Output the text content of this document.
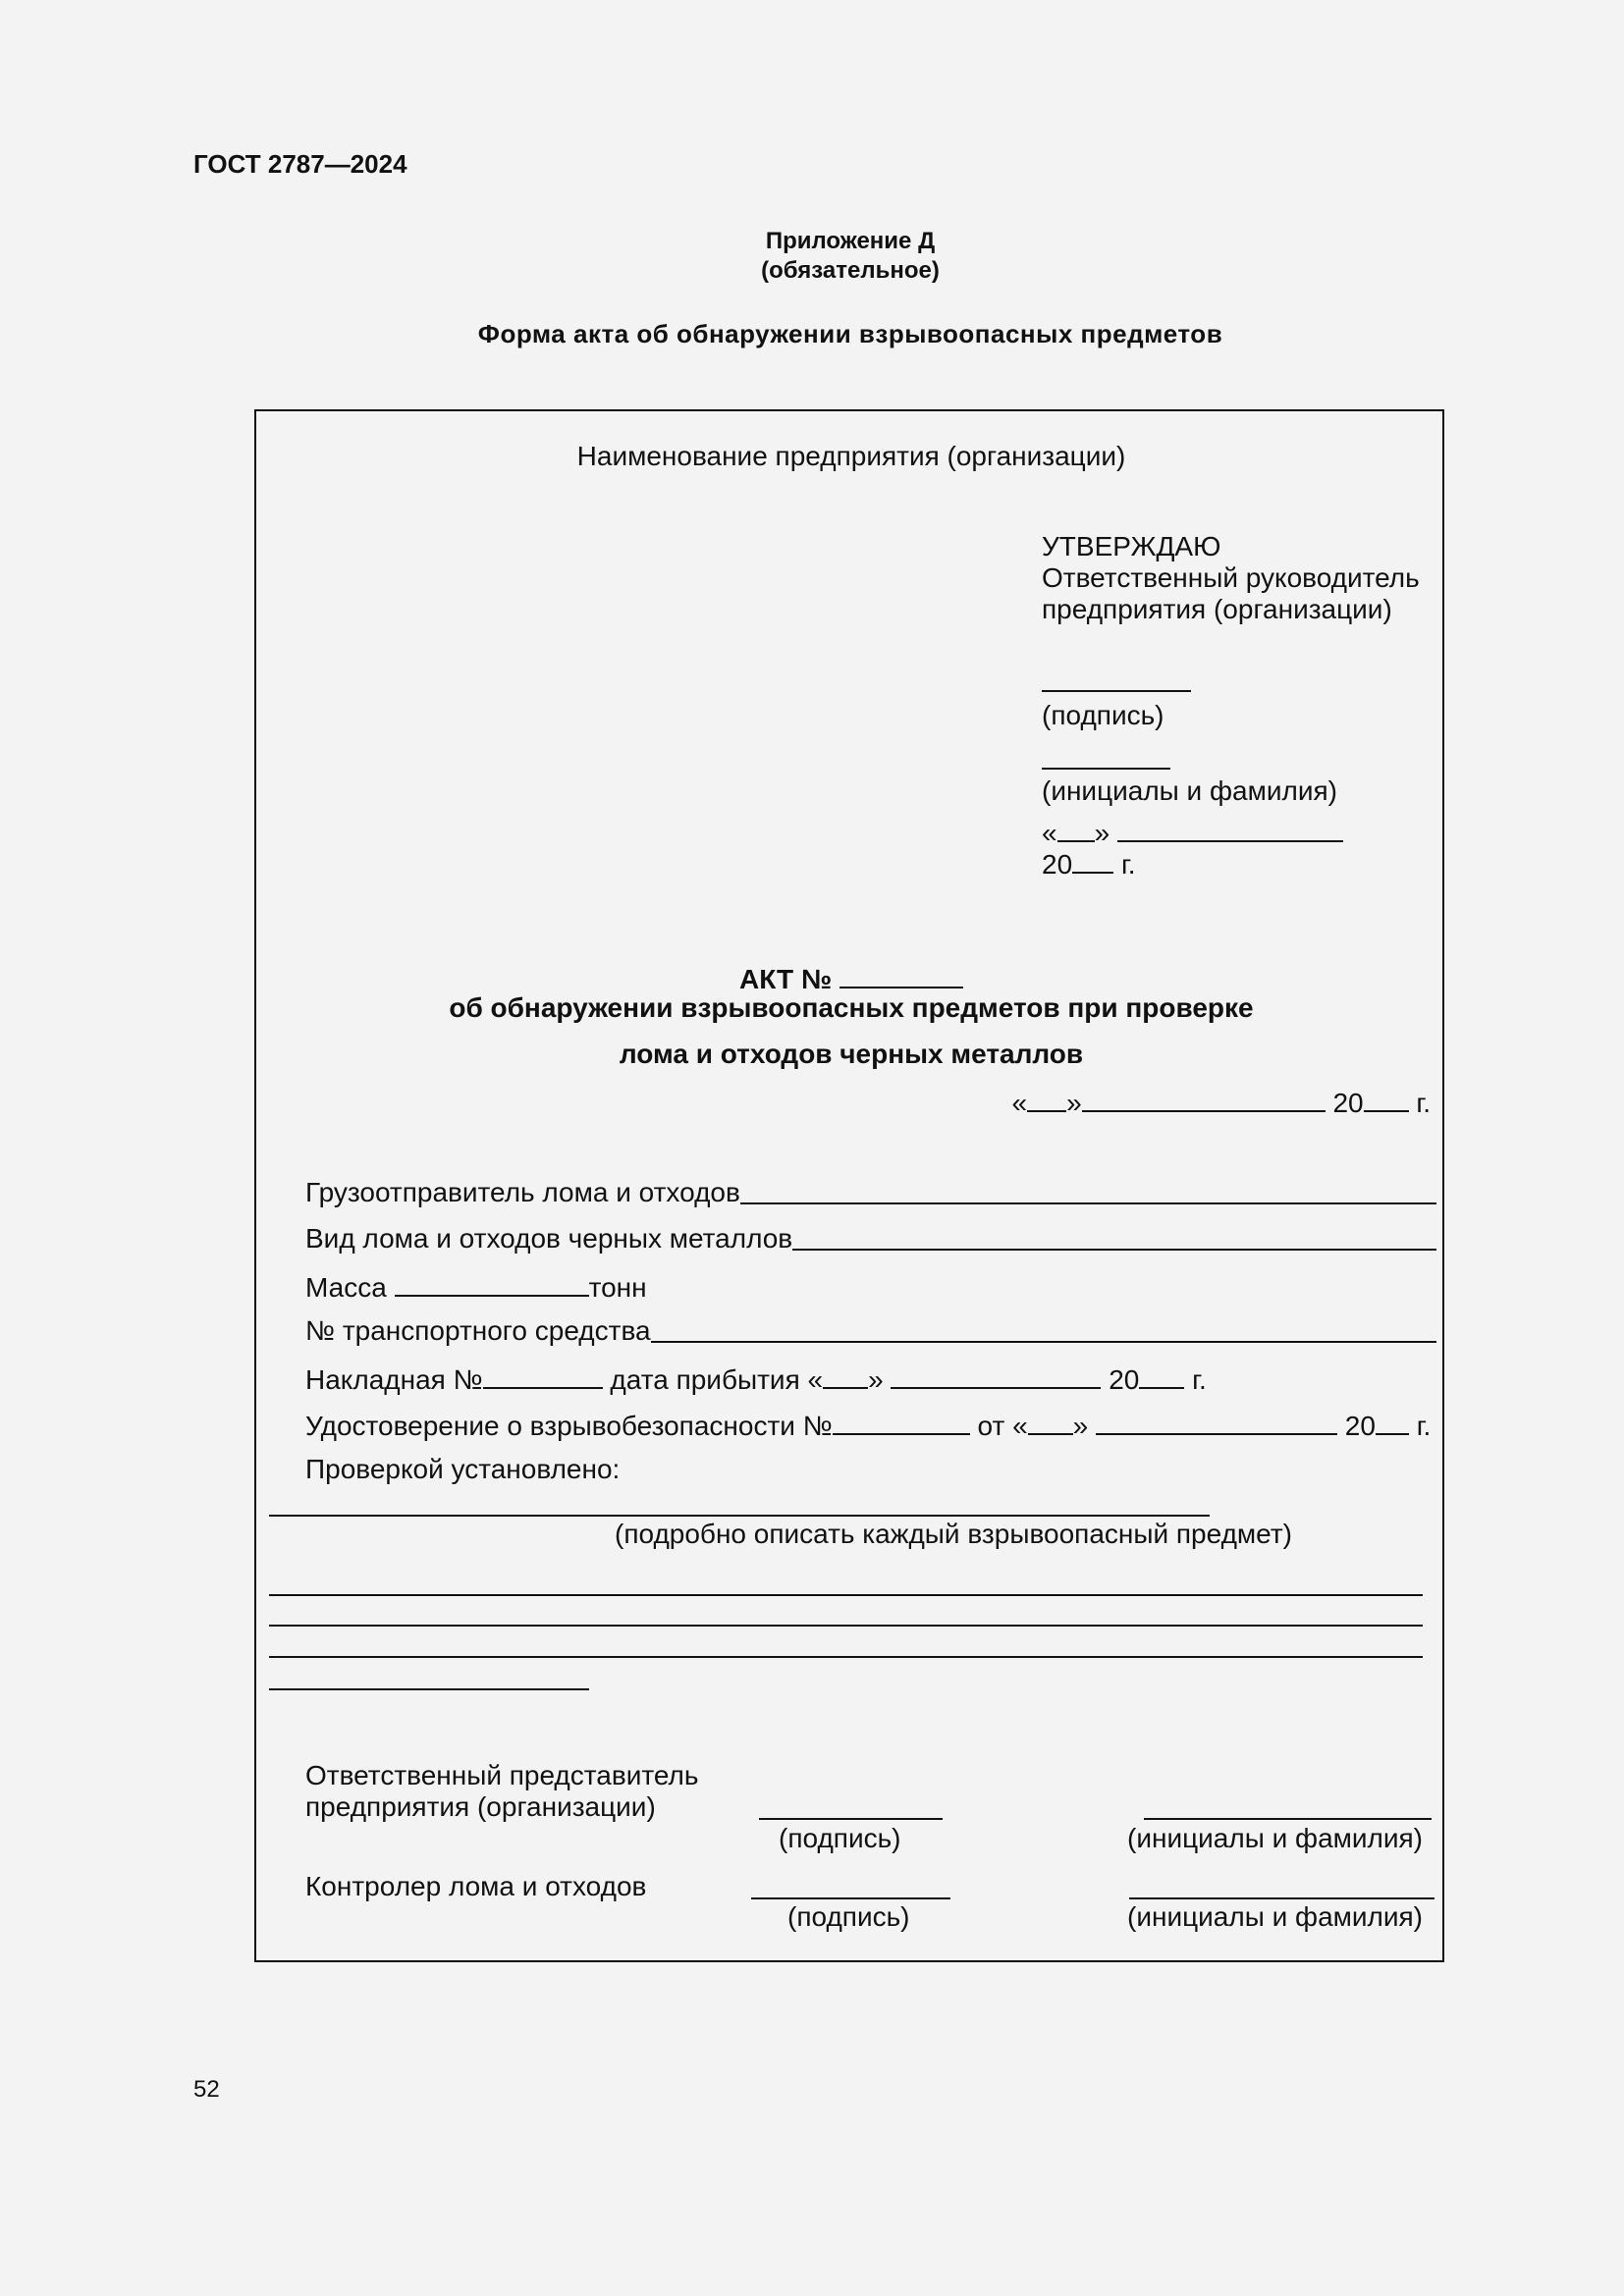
ГОСТ 2787—2024
Приложение Д
(обязательное)
Форма акта об обнаружении взрывоопасных предметов
Наименование предприятия (организации)
УТВЕРЖДАЮ
Ответственный руководитель
предприятия (организации)
(подпись)
(инициалы и фамилия)
« »
20 г.
АКТ №
об обнаружении взрывоопасных предметов при проверке
лома и отходов черных металлов
« »	20 г.
Грузоотправитель лома и отходов
Вид лома и отходов черных металлов
Масса	тонн
№ транспортного средства
Накладная №	дата прибытия « »	20 г.
Удостоверение о взрывобезопасности №	от « »	20 г.
Проверкой установлено:
(подробно описать каждый взрывоопасный предмет)
Ответственный представитель
предприятия (организации)
(подпись)	(инициалы и фамилия)
Контролер лома и отходов
(подпись)	(инициалы и фамилия)
52
